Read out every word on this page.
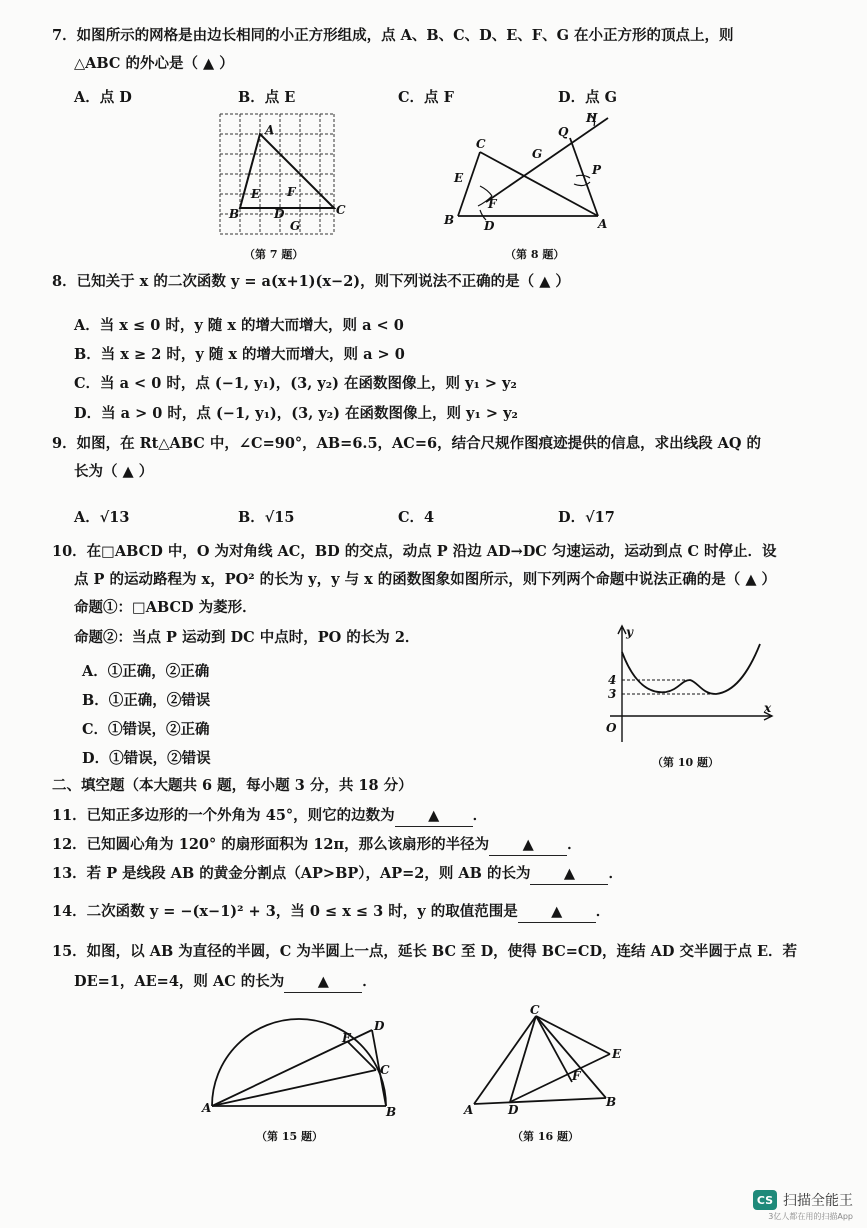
7．如图所示的网格是由边长相同的小正方形组成，点 A、B、C、D、E、F、G 在小正方形的顶点上，则
△ABC 的外心是（ ▲ ）
A．点 D	B．点 E	C．点 F	D．点 G
A
B	C
D
E F
G
（第 7 题）
C
Q
H
G
E
F
P
B D	A
（第 8 题）
8．已知关于 x 的二次函数 y = a(x+1)(x−2)，则下列说法不正确的是（ ▲ ）
A．当 x ≤ 0 时，y 随 x 的增大而增大，则 a < 0
B．当 x ≥ 2 时，y 随 x 的增大而增大，则 a > 0
C．当 a < 0 时，点 (−1, y₁)，(3, y₂) 在函数图像上，则 y₁ > y₂
D．当 a > 0 时，点 (−1, y₁)，(3, y₂) 在函数图像上，则 y₁ > y₂
9．如图，在 Rt△ABC 中，∠C=90°，AB=6.5，AC=6，结合尺规作图痕迹提供的信息，求出线段 AQ 的
长为（ ▲ ）
A．√13	B．√15	C．4	D．√17
10．在□ABCD 中，O 为对角线 AC，BD 的交点，动点 P 沿边 AD→DC 匀速运动，运动到点 C 时停止．设
点 P 的运动路程为 x，PO² 的长为 y，y 与 x 的函数图象如图所示，则下列两个命题中说法正确的是（ ▲ ）
命题①：□ABCD 为菱形．
命题②：当点 P 运动到 DC 中点时，PO 的长为 2．
A．①正确，②正确
B．①正确，②错误
C．①错误，②正确
D．①错误，②错误
y
x
O
4
3
（第 10 题）
二、填空题（本大题共 6 题，每小题 3 分，共 18 分）
11．已知正多边形的一个外角为 45°，则它的边数为 ▲ ．
12．已知圆心角为 120° 的扇形面积为 12π，那么该扇形的半径为 ▲ ．
13．若 P 是线段 AB 的黄金分割点（AP>BP），AP=2，则 AB 的长为 ▲ ．
14．二次函数 y = −(x−1)² + 3，当 0 ≤ x ≤ 3 时，y 的取值范围是 ▲ ．
15．如图，以 AB 为直径的半圆，C 为半圆上一点，延长 BC 至 D，使得 BC=CD，连结 AD 交半圆于点 E．若
DE=1，AE=4，则 AC 的长为 ▲ ．
D
E
C
A	B
（第 15 题）
C
E
F
A	D
B
（第 16 题）
CS 扫描全能王
3亿人都在用的扫描App
